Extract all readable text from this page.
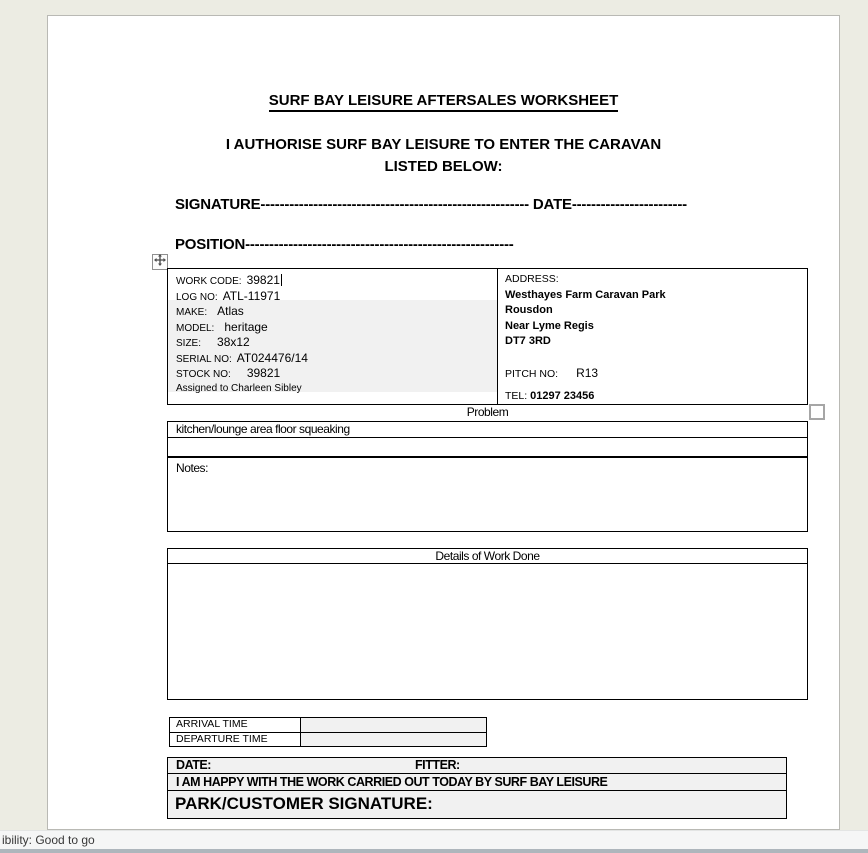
SURF BAY LEISURE AFTERSALES WORKSHEET
I AUTHORISE SURF BAY LEISURE TO ENTER THE CARAVAN
LISTED BELOW:
SIGNATURE-------------------------------------------------------- DATE------------------------
POSITION--------------------------------------------------------
WORK CODE: 39821
LOG NO: ATL-11971
MAKE: Atlas
MODEL: heritage
SIZE: 38x12
SERIAL NO: AT024476/14
STOCK NO: 39821
Assigned to Charleen Sibley
ADDRESS:
Westhayes Farm Caravan Park
Rousdon
Near Lyme Regis
DT7 3RD
PITCH NO: R13
TEL: 01297 23456
Problem
kitchen/lounge area floor squeaking
Notes:
Details of Work Done
ARRIVAL TIME
DEPARTURE TIME
DATE:	FITTER:
I AM HAPPY WITH THE WORK CARRIED OUT TODAY BY SURF BAY LEISURE
PARK/CUSTOMER SIGNATURE:
ibility: Good to go
